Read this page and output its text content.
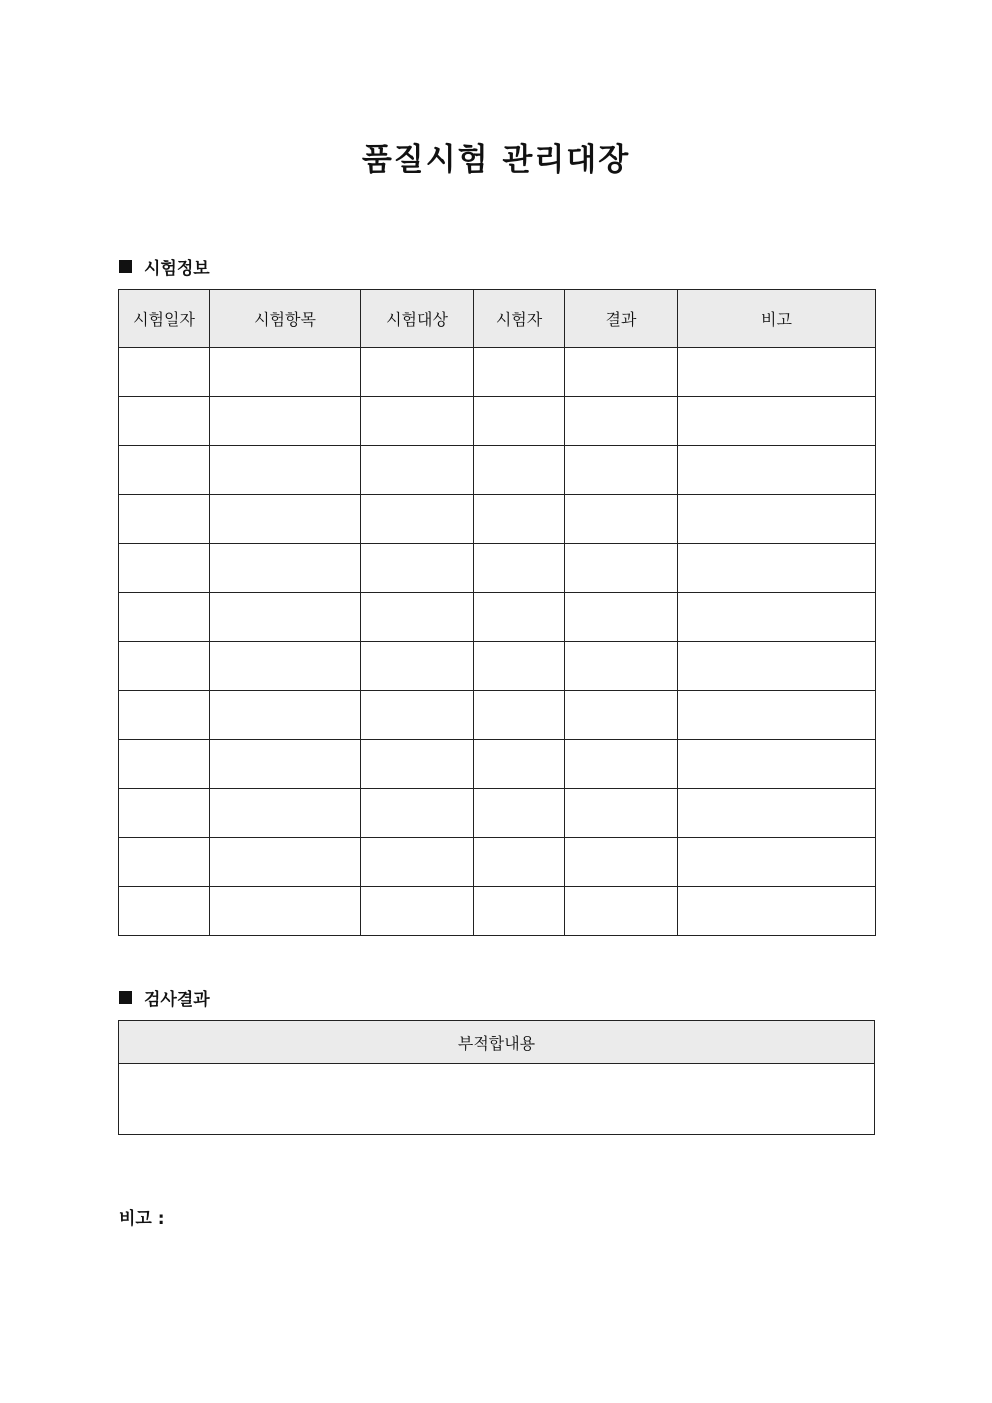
품질시험 관리대장
시험정보
시험일자	시험항목	시험대상	시험자	결과	비고

검사결과
부적합내용

비고 :
